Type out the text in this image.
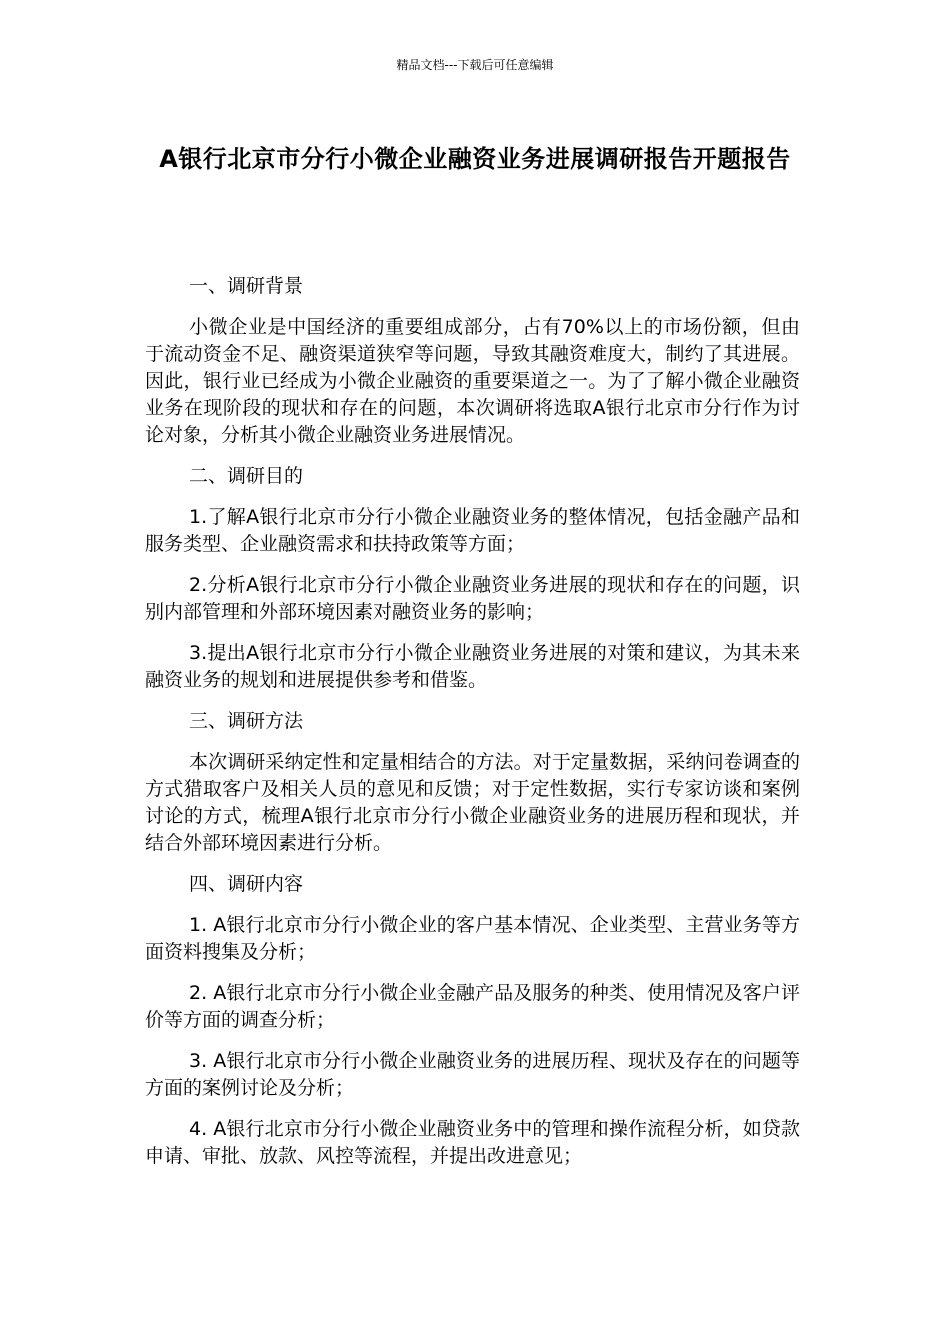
精品文档---下载后可任意编辑
A银行北京市分行小微企业融资业务进展调研报告开题报告

一、调研背景

小微企业是中国经济的重要组成部分，占有70%以上的市场份额，但由于流动资金不足、融资渠道狭窄等问题，导致其融资难度大，制约了其进展。因此，银行业已经成为小微企业融资的重要渠道之一。为了了解小微企业融资业务在现阶段的现状和存在的问题，本次调研将选取A银行北京市分行作为讨论对象，分析其小微企业融资业务进展情况。

二、调研目的

1.了解A银行北京市分行小微企业融资业务的整体情况，包括金融产品和服务类型、企业融资需求和扶持政策等方面；

2.分析A银行北京市分行小微企业融资业务进展的现状和存在的问题，识别内部管理和外部环境因素对融资业务的影响；

3.提出A银行北京市分行小微企业融资业务进展的对策和建议，为其未来融资业务的规划和进展提供参考和借鉴。

三、调研方法

本次调研采纳定性和定量相结合的方法。对于定量数据，采纳问卷调查的方式猎取客户及相关人员的意见和反馈；对于定性数据，实行专家访谈和案例讨论的方式，梳理A银行北京市分行小微企业融资业务的进展历程和现状，并结合外部环境因素进行分析。

四、调研内容

1. A银行北京市分行小微企业的客户基本情况、企业类型、主营业务等方面资料搜集及分析；

2. A银行北京市分行小微企业金融产品及服务的种类、使用情况及客户评价等方面的调查分析；

3. A银行北京市分行小微企业融资业务的进展历程、现状及存在的问题等方面的案例讨论及分析；

4. A银行北京市分行小微企业融资业务中的管理和操作流程分析，如贷款申请、审批、放款、风控等流程，并提出改进意见；
